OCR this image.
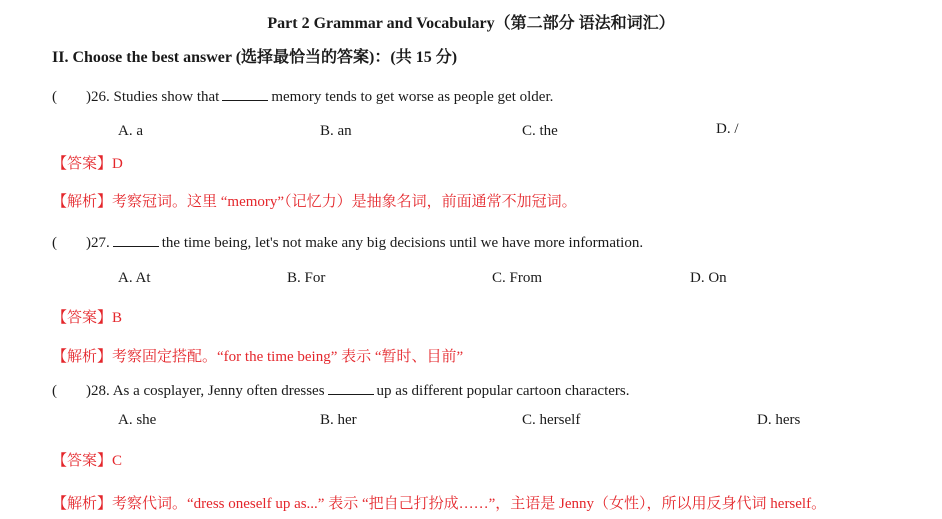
Part 2 Grammar and Vocabulary（第二部分 语法和词汇）
II. Choose the best answer (选择最恰当的答案)：(共 15 分)
( )26. Studies show that	memory tends to get worse as people get older.
A. a	B. an	C. the	D. /
【答案】D
【解析】考察冠词。这里 “memory”（记忆力）是抽象名词，前面通常不加冠词。
( )27.	the time being, let's not make any big decisions until we have more information.
A. At	B. For	C. From	D. On
【答案】B
【解析】考察固定搭配。“for the time being” 表示 “暂时、目前”
( )28. As a cosplayer, Jenny often dresses	up as different popular cartoon characters.
A. she	B. her	C. herself	D. hers
【答案】C
【解析】考察代词。“dress oneself up as...” 表示 “把自己打扮成……”，主语是 Jenny（女性），所以用反身代词 herself。
